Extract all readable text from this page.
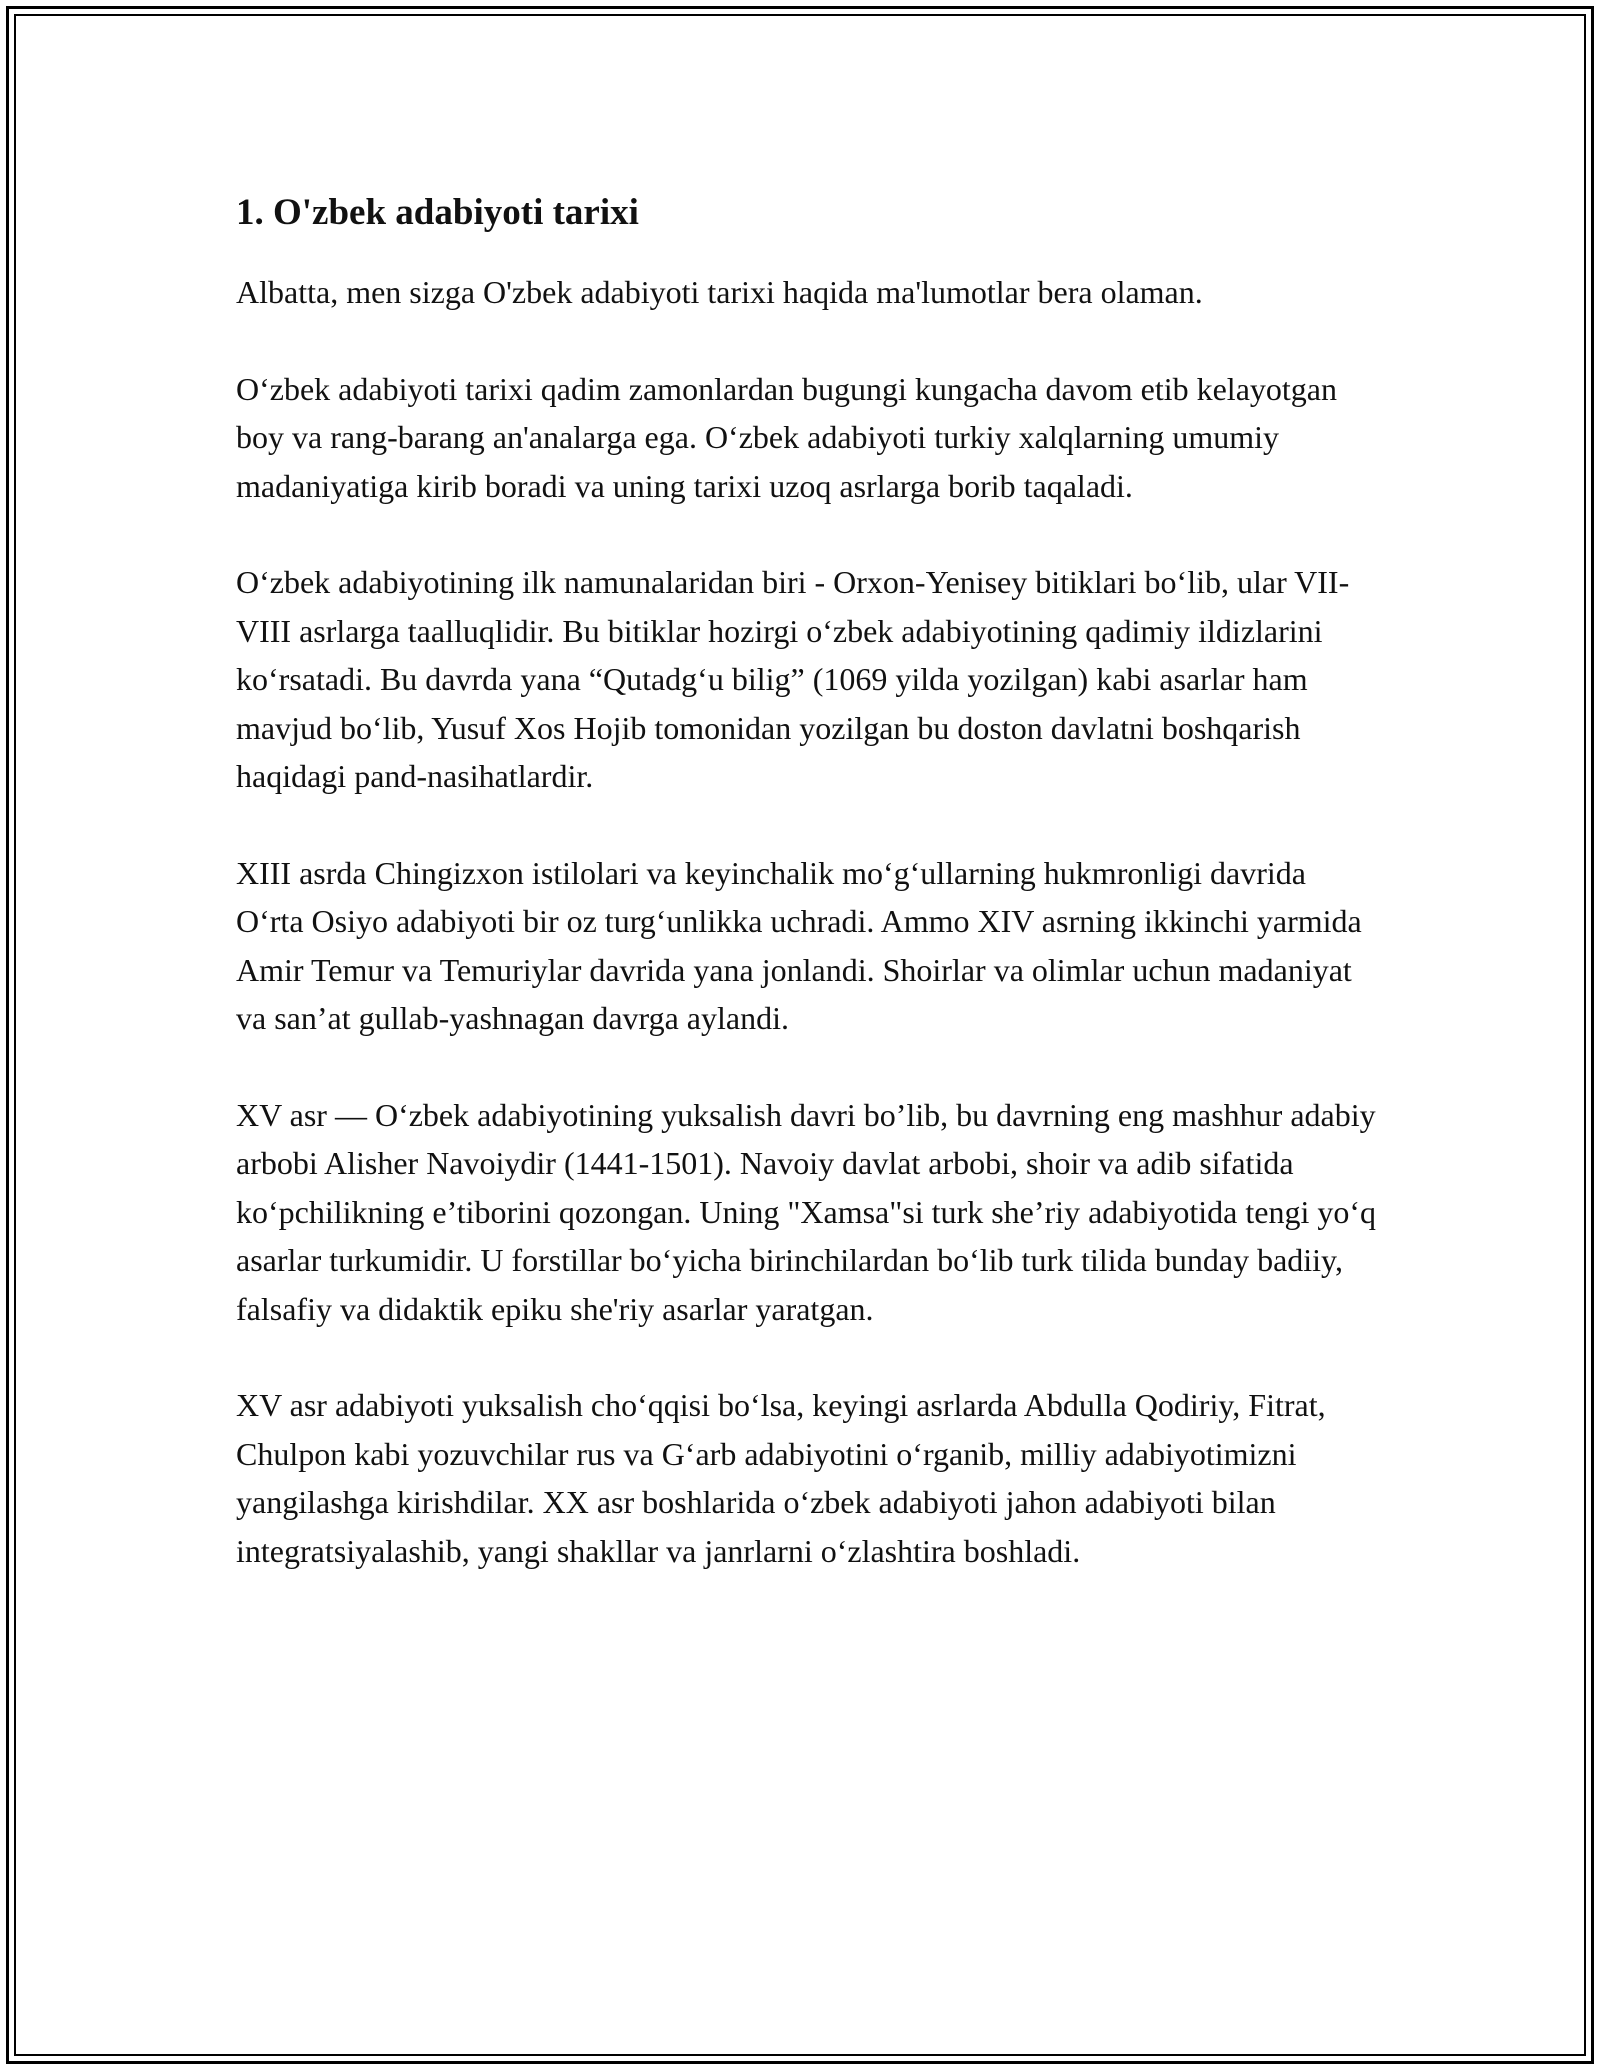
1. O'zbek adabiyoti tarixi

Albatta, men sizga O'zbek adabiyoti tarixi haqida ma'lumotlar bera olaman.

O‘zbek adabiyoti tarixi qadim zamonlardan bugungi kungacha davom etib kelayotgan boy va rang-barang an'analarga ega. O‘zbek adabiyoti turkiy xalqlarning umumiy madaniyatiga kirib boradi va uning tarixi uzoq asrlarga borib taqaladi.

O‘zbek adabiyotining ilk namunalaridan biri - Orxon-Yenisey bitiklari bo‘lib, ular VII-VIII asrlarga taalluqlidir. Bu bitiklar hozirgi o‘zbek adabiyotining qadimiy ildizlarini ko‘rsatadi. Bu davrda yana “Qutadg‘u bilig” (1069 yilda yozilgan) kabi asarlar ham mavjud bo‘lib, Yusuf Xos Hojib tomonidan yozilgan bu doston davlatni boshqarish haqidagi pand-nasihatlardir.

XIII asrda Chingizxon istilolari va keyinchalik mo‘g‘ullarning hukmronligi davrida O‘rta Osiyo adabiyoti bir oz turg‘unlikka uchradi. Ammo XIV asrning ikkinchi yarmida Amir Temur va Temuriylar davrida yana jonlandi. Shoirlar va olimlar uchun madaniyat va san’at gullab-yashnagan davrga aylandi.

XV asr — O‘zbek adabiyotining yuksalish davri bo’lib, bu davrning eng mashhur adabiy arbobi Alisher Navoiydir (1441-1501). Navoiy davlat arbobi, shoir va adib sifatida ko‘pchilikning e’tiborini qozongan. Uning "Xamsa"si turk she’riy adabiyotida tengi yo‘q asarlar turkumidir. U forstillar bo‘yicha birinchilardan bo‘lib turk tilida bunday badiiy, falsafiy va didaktik epiku she'riy asarlar yaratgan.

XV asr adabiyoti yuksalish cho‘qqisi bo‘lsa, keyingi asrlarda Abdulla Qodiriy, Fitrat, Chulpon kabi yozuvchilar rus va G‘arb adabiyotini o‘rganib, milliy adabiyotimizni yangilashga kirishdilar. XX asr boshlarida o‘zbek adabiyoti jahon adabiyoti bilan integratsiyalashib, yangi shakllar va janrlarni o‘zlashtira boshladi.
